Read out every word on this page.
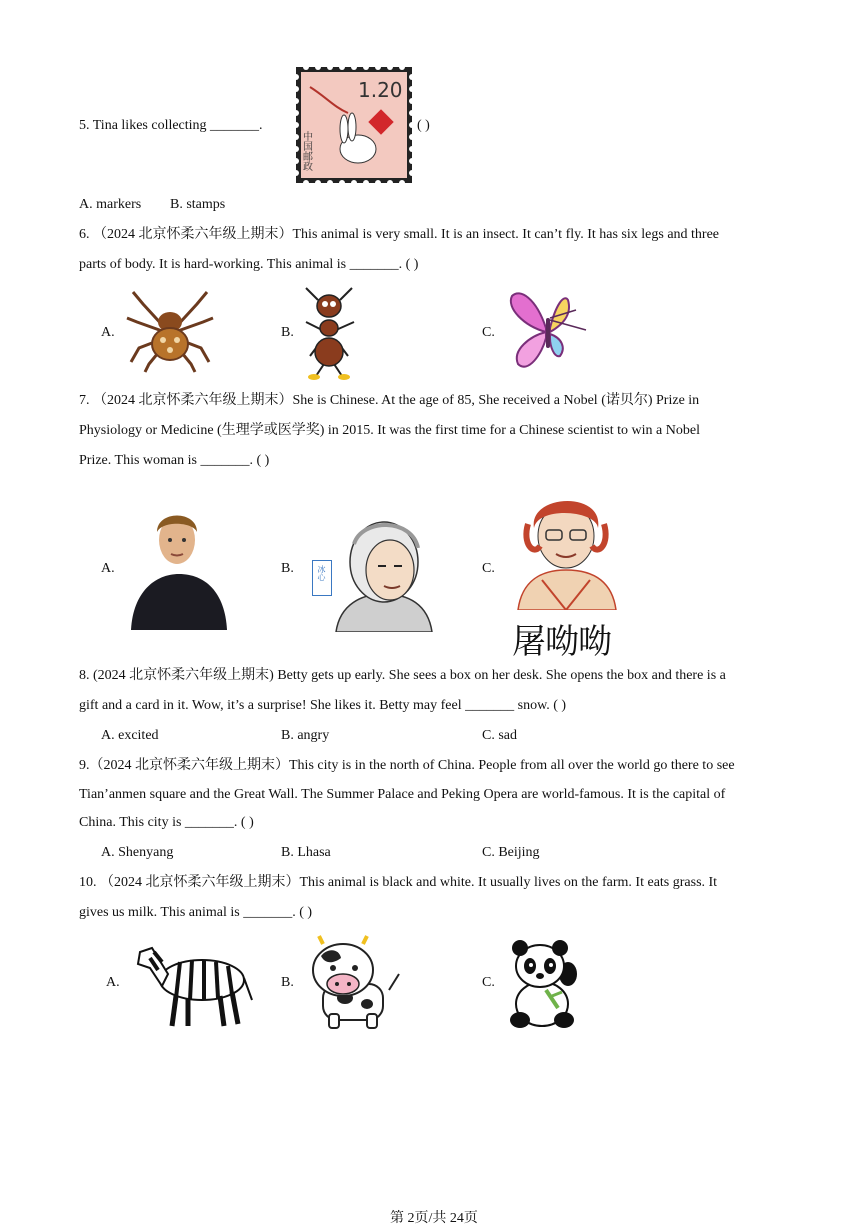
5. Tina likes collecting _______.
1.20
中国邮政
( )
A. markers B. stamps
6. （2024 北京怀柔六年级上期末）This animal is very small. It is an insect. It can’t fly. It has six legs and three
parts of body. It is hard-working. This animal is _______. ( )
A.	B.	C.
7. （2024 北京怀柔六年级上期末）She is Chinese. At the age of 85, She received a Nobel (诺贝尔) Prize in
Physiology or Medicine (生理学或医学奖) in 2015. It was the first time for a Chinese scientist to win a Nobel
Prize. This woman is _______. ( )
A.	B.	冰心	C.
屠呦呦
8. (2024 北京怀柔六年级上期末) Betty gets up early. She sees a box on her desk. She opens the box and there is a
gift and a card in it. Wow, it’s a surprise! She likes it. Betty may feel _______ snow. ( )
A. excited	B. angry	C. sad
9.（2024 北京怀柔六年级上期末）This city is in the north of China. People from all over the world go there to see
Tian’anmen square and the Great Wall. The Summer Palace and Peking Opera are world-famous. It is the capital of
China. This city is _______. ( )
A. Shenyang	B. Lhasa	C. Beijing
10. （2024 北京怀柔六年级上期末）This animal is black and white. It usually lives on the farm. It eats grass. It
gives us milk. This animal is _______. ( )
A.	B.	C.
第 2页/共 24页
